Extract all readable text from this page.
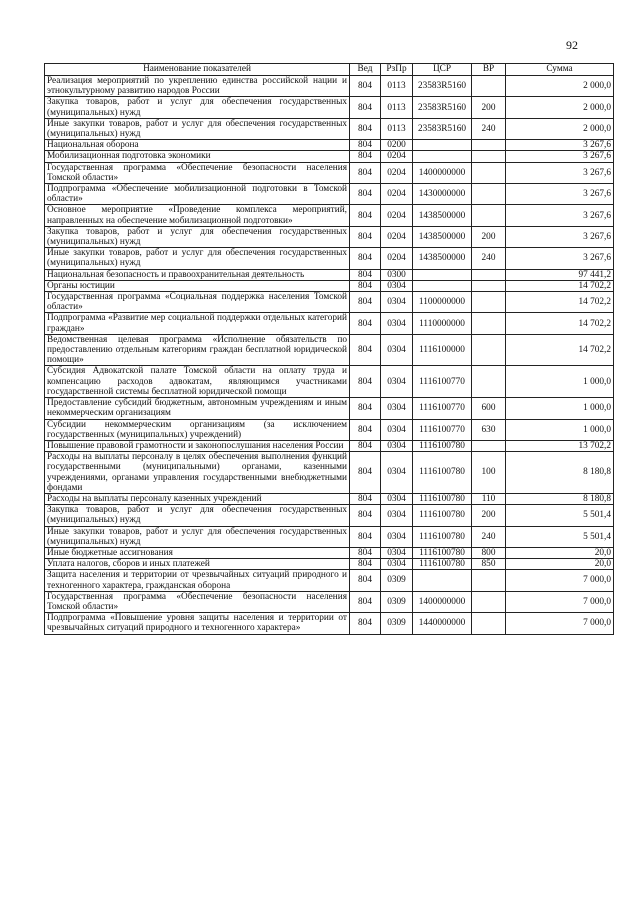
92
Наименование показателей	Вед	РзПр	ЦСР	ВР	Сумма
Реализация мероприятий по укреплению единства российской нации и этнокультурному развитию народов России	804	0113	23583R5160		2 000,0
Закупка товаров, работ и услуг для обеспечения государственных (муниципальных) нужд	804	0113	23583R5160	200	2 000,0
Иные закупки товаров, работ и услуг для обеспечения государственных (муниципальных) нужд	804	0113	23583R5160	240	2 000,0
Национальная оборона	804	0200			3 267,6
Мобилизационная подготовка экономики	804	0204			3 267,6
Государственная программа «Обеспечение безопасности населения Томской области»	804	0204	1400000000		3 267,6
Подпрограмма «Обеспечение мобилизационной подготовки в Томской области»	804	0204	1430000000		3 267,6
Основное мероприятие «Проведение комплекса мероприятий, направленных на обеспечение мобилизационной подготовки»	804	0204	1438500000		3 267,6
Закупка товаров, работ и услуг для обеспечения государственных (муниципальных) нужд	804	0204	1438500000	200	3 267,6
Иные закупки товаров, работ и услуг для обеспечения государственных (муниципальных) нужд	804	0204	1438500000	240	3 267,6
Национальная безопасность и правоохранительная деятельность	804	0300			97 441,2
Органы юстиции	804	0304			14 702,2
Государственная программа «Социальная поддержка населения Томской области»	804	0304	1100000000		14 702,2
Подпрограмма «Развитие мер социальной поддержки отдельных категорий граждан»	804	0304	1110000000		14 702,2
Ведомственная целевая программа «Исполнение обязательств по предоставлению отдельным категориям граждан бесплатной юридической помощи»	804	0304	1116100000		14 702,2
Субсидия Адвокатской палате Томской области на оплату труда и компенсацию расходов адвокатам, являющимся участниками государственной системы бесплатной юридической помощи	804	0304	1116100770		1 000,0
Предоставление субсидий бюджетным, автономным учреждениям и иным некоммерческим организациям	804	0304	1116100770	600	1 000,0
Субсидии некоммерческим организациям (за исключением государственных (муниципальных) учреждений)	804	0304	1116100770	630	1 000,0
Повышение правовой грамотности и законопослушания населения России	804	0304	1116100780		13 702,2
Расходы на выплаты персоналу в целях обеспечения выполнения функций государственными (муниципальными) органами, казенными учреждениями, органами управления государственными внебюджетными фондами	804	0304	1116100780	100	8 180,8
Расходы на выплаты персоналу казенных учреждений	804	0304	1116100780	110	8 180,8
Закупка товаров, работ и услуг для обеспечения государственных (муниципальных) нужд	804	0304	1116100780	200	5 501,4
Иные закупки товаров, работ и услуг для обеспечения государственных (муниципальных) нужд	804	0304	1116100780	240	5 501,4
Иные бюджетные ассигнования	804	0304	1116100780	800	20,0
Уплата налогов, сборов и иных платежей	804	0304	1116100780	850	20,0
Защита населения и территории от чрезвычайных ситуаций природного и техногенного характера, гражданская оборона	804	0309			7 000,0
Государственная программа «Обеспечение безопасности населения Томской области»	804	0309	1400000000		7 000,0
Подпрограмма «Повышение уровня защиты населения и территории от чрезвычайных ситуаций природного и техногенного характера»	804	0309	1440000000		7 000,0
